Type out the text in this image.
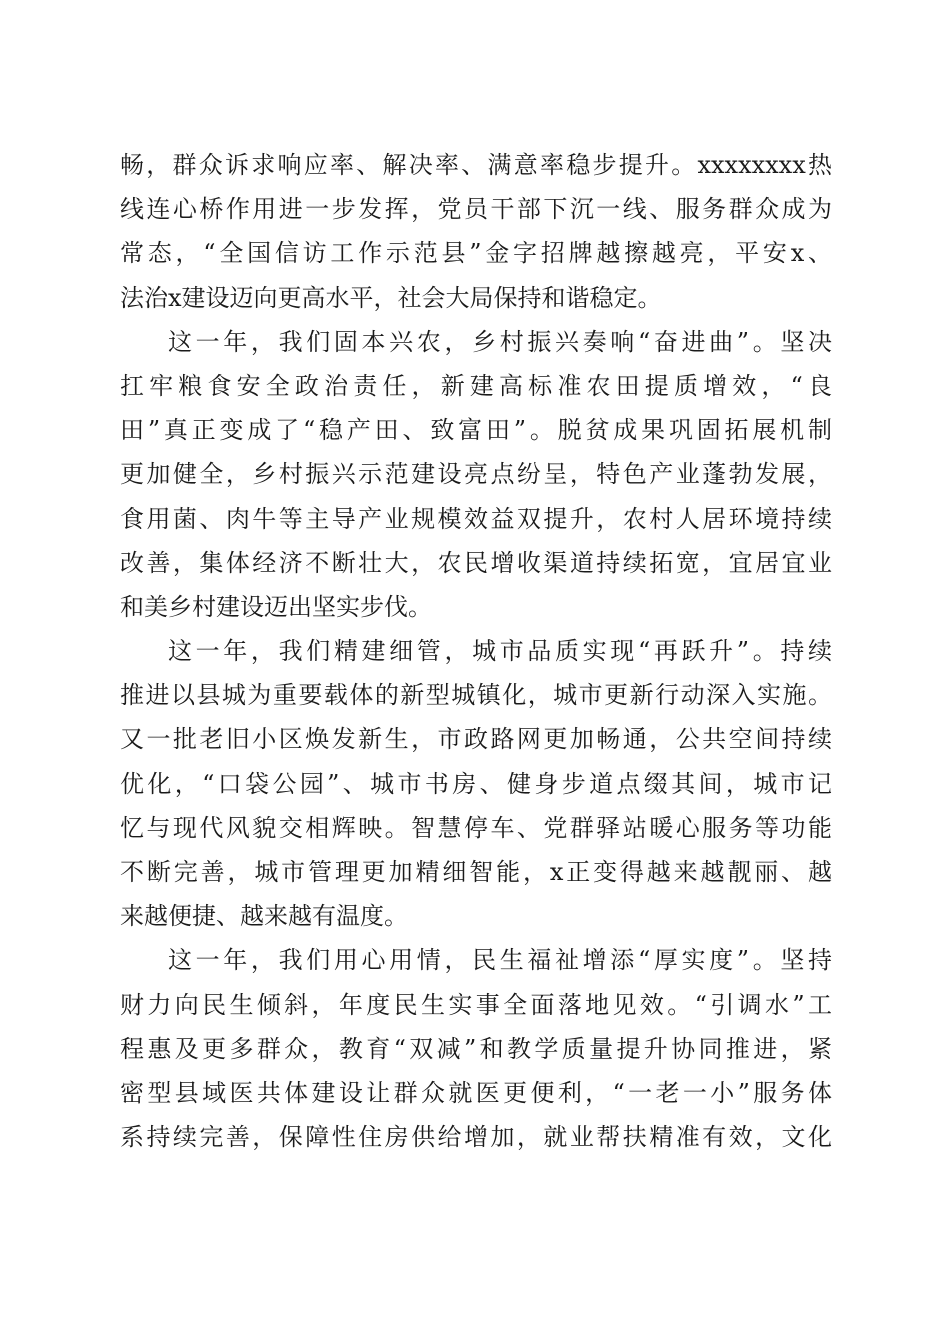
畅，群众诉求响应率、解决率、满意率稳步提升。xxxxxxxx热
线连心桥作用进一步发挥，党员干部下沉一线、服务群众成为
常态，“全国信访工作示范县”金字招牌越擦越亮，平安x、
法治x建设迈向更高水平，社会大局保持和谐稳定。
这一年，我们固本兴农，乡村振兴奏响“奋进曲”。坚决
扛牢粮食安全政治责任，新建高标准农田提质增效，“良
田”真正变成了“稳产田、致富田”。脱贫成果巩固拓展机制
更加健全，乡村振兴示范建设亮点纷呈，特色产业蓬勃发展，
食用菌、肉牛等主导产业规模效益双提升，农村人居环境持续
改善，集体经济不断壮大，农民增收渠道持续拓宽，宜居宜业
和美乡村建设迈出坚实步伐。
这一年，我们精建细管，城市品质实现“再跃升”。持续
推进以县城为重要载体的新型城镇化，城市更新行动深入实施。
又一批老旧小区焕发新生，市政路网更加畅通，公共空间持续
优化，“口袋公园”、城市书房、健身步道点缀其间，城市记
忆与现代风貌交相辉映。智慧停车、党群驿站暖心服务等功能
不断完善，城市管理更加精细智能，x正变得越来越靓丽、越
来越便捷、越来越有温度。
这一年，我们用心用情，民生福祉增添“厚实度”。坚持
财力向民生倾斜，年度民生实事全面落地见效。“引调水”工
程惠及更多群众，教育“双减”和教学质量提升协同推进，紧
密型县域医共体建设让群众就医更便利，“一老一小”服务体
系持续完善，保障性住房供给增加，就业帮扶精准有效，文化
